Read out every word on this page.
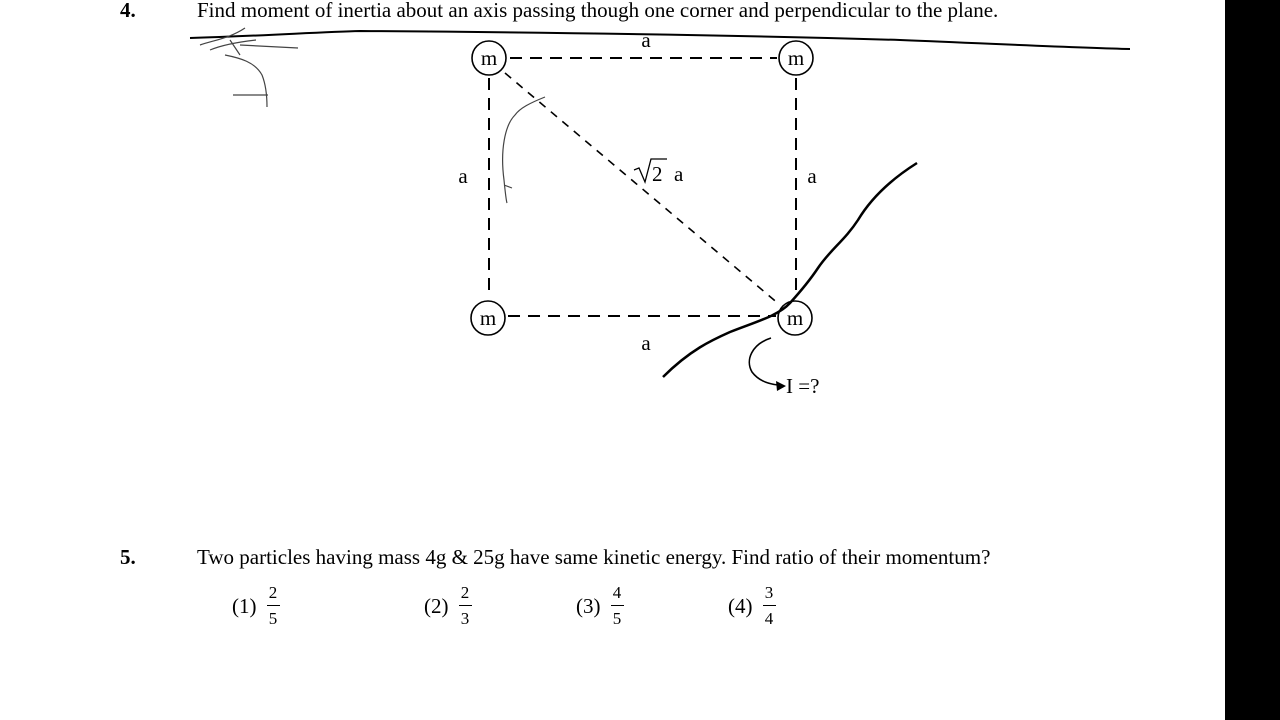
4.	Find moment of inertia about an axis passing though one corner and perpendicular to the plane.
m	m
m	m
a
a	a
a
2 a
I =?
5.	Two particles having mass 4g & 25g have same kinetic energy. Find ratio of their momentum?
$(1) \frac{2}{5}$	$(2) \frac{2}{3}$	$(3) \frac{4}{5}$	$(4) \frac{3}{4}$
